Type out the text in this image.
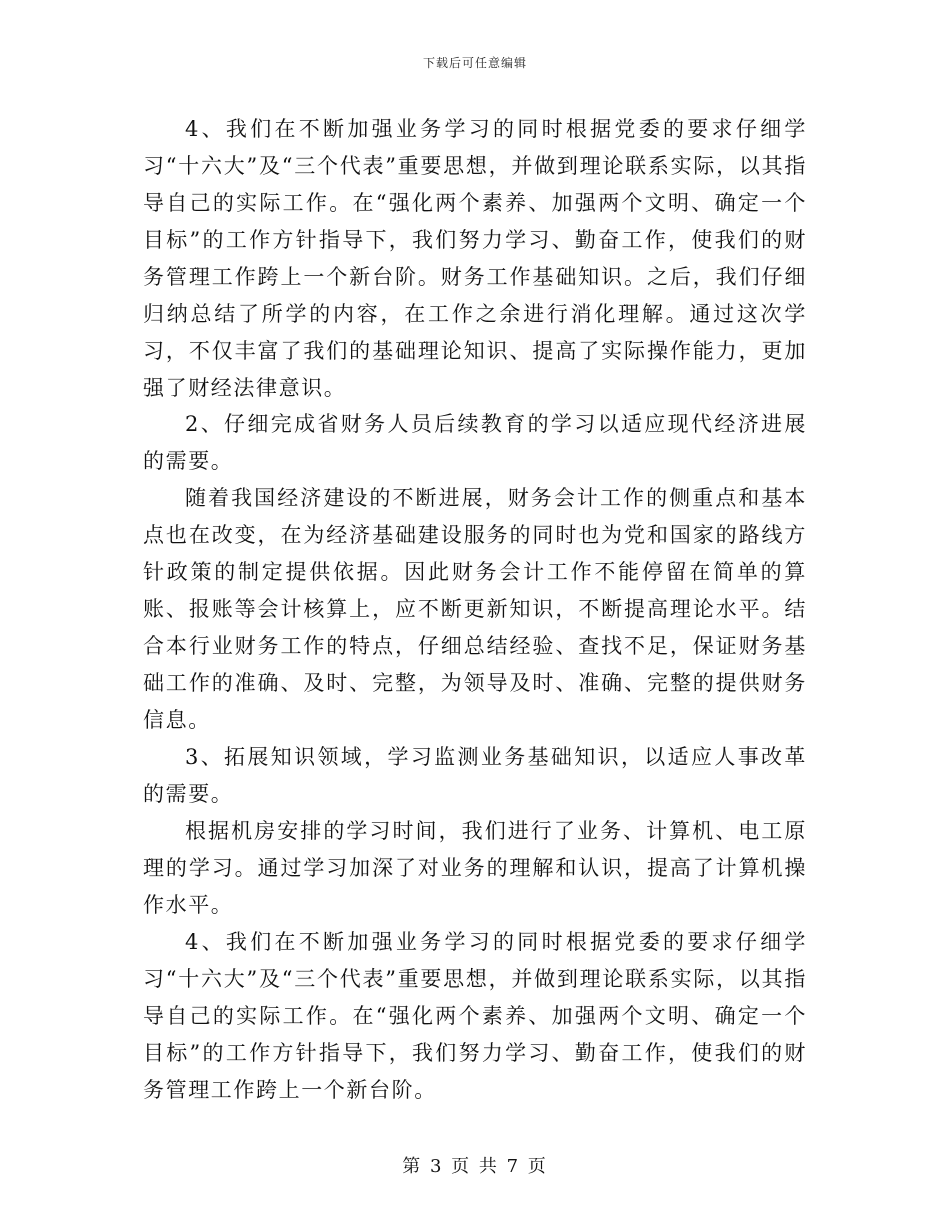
下载后可任意编辑

4、我们在不断加强业务学习的同时根据党委的要求仔细学习“十六大”及“三个代表”重要思想，并做到理论联系实际，以其指导自己的实际工作。在“强化两个素养、加强两个文明、确定一个目标”的工作方针指导下，我们努力学习、勤奋工作，使我们的财务管理工作跨上一个新台阶。财务工作基础知识。之后，我们仔细归纳总结了所学的内容，在工作之余进行消化理解。通过这次学习，不仅丰富了我们的基础理论知识、提高了实际操作能力，更加强了财经法律意识。

2、仔细完成省财务人员后续教育的学习以适应现代经济进展的需要。

随着我国经济建设的不断进展，财务会计工作的侧重点和基本点也在改变，在为经济基础建设服务的同时也为党和国家的路线方针政策的制定提供依据。因此财务会计工作不能停留在简单的算账、报账等会计核算上，应不断更新知识，不断提高理论水平。结合本行业财务工作的特点，仔细总结经验、查找不足，保证财务基础工作的准确、及时、完整，为领导及时、准确、完整的提供财务信息。

3、拓展知识领域，学习监测业务基础知识，以适应人事改革的需要。

根据机房安排的学习时间，我们进行了业务、计算机、电工原理的学习。通过学习加深了对业务的理解和认识，提高了计算机操作水平。

4、我们在不断加强业务学习的同时根据党委的要求仔细学习“十六大”及“三个代表”重要思想，并做到理论联系实际，以其指导自己的实际工作。在“强化两个素养、加强两个文明、确定一个目标”的工作方针指导下，我们努力学习、勤奋工作，使我们的财务管理工作跨上一个新台阶。

第 3 页 共 7 页
